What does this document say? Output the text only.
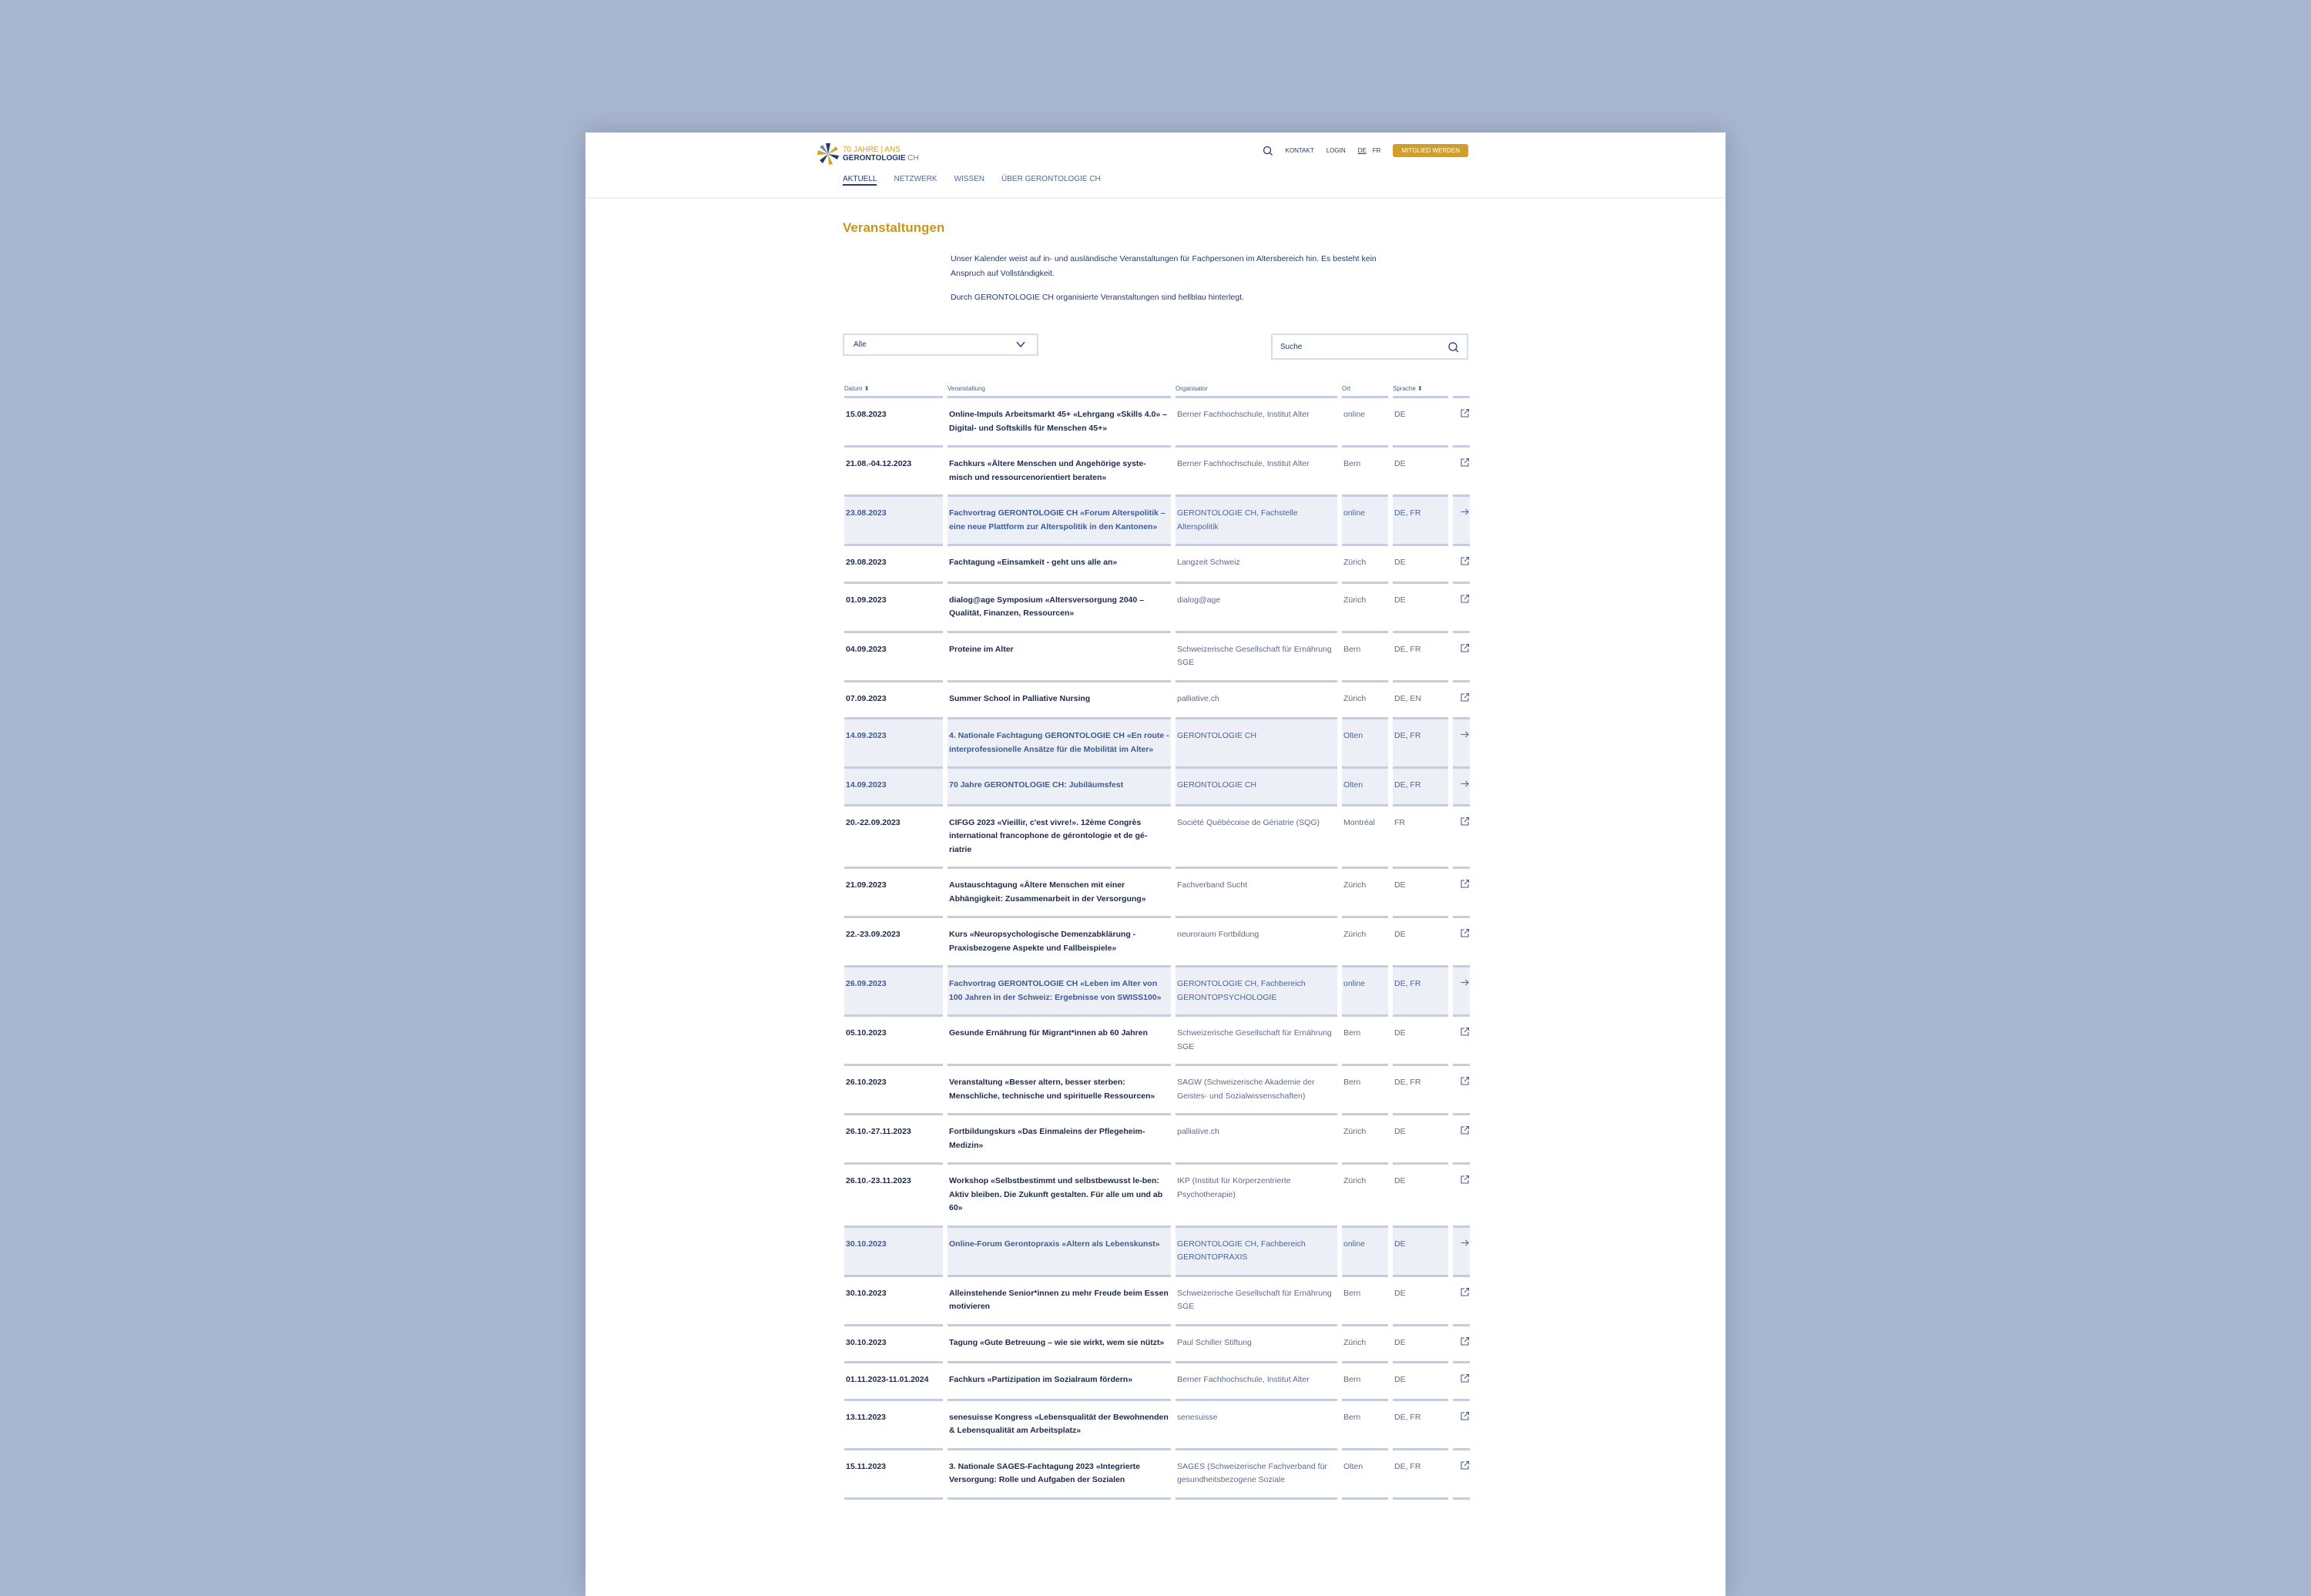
70 JAHRE | ANS
GERONTOLOGIE CH
KONTAKT LOGIN DE FR	MITGLIED WERDEN
AKTUELL NETZWERK WISSEN ÜBER GERONTOLOGIE CH
Veranstaltungen

Unser Kalender weist auf in- und ausländische Veranstaltungen für Fachpersonen im Altersbereich hin. Es besteht kein Anspruch auf Vollständigkeit.

Durch GERONTOLOGIE CH organisierte Veranstaltungen sind hellblau hinterlegt.

Alle	Suche
Datum ⬍	Veranstaltung	Organisator	Ort	Sprache ⬍	
15.08.2023	Online-Impuls Arbeitsmarkt 45+ «Lehrgang «Skills 4.0» – Digital- und Softskills für Menschen 45+»	Berner Fachhochschule, Institut Alter	online	DE	
21.08.-04.12.2023	Fachkurs «Ältere Menschen und Angehörige syste-misch und ressourcenorientiert beraten»	Berner Fachhochschule, Institut Alter	Bern	DE	
23.08.2023	Fachvortrag GERONTOLOGIE CH «Forum Alterspolitik – eine neue Plattform zur Alterspolitik in den Kantonen»	GERONTOLOGIE CH, Fachstelle Alterspolitik	online	DE, FR	
29.08.2023	Fachtagung «Einsamkeit - geht uns alle an»	Langzeit Schweiz	Zürich	DE	
01.09.2023	dialog@age Symposium «Altersversorgung 2040 – Qualität, Finanzen, Ressourcen»	dialog@age	Zürich	DE	
04.09.2023	Proteine im Alter	Schweizerische Gesellschaft für Ernährung SGE	Bern	DE, FR	
07.09.2023	Summer School in Palliative Nursing	palliative.ch	Zürich	DE, EN	
14.09.2023	4. Nationale Fachtagung GERONTOLOGIE CH «En route - interprofessionelle Ansätze für die Mobilität im Alter»	GERONTOLOGIE CH	Olten	DE, FR	
14.09.2023	70 Jahre GERONTOLOGIE CH: Jubiläumsfest	GERONTOLOGIE CH	Olten	DE, FR	
20.-22.09.2023	CIFGG 2023 «Vieillir, c'est vivre!». 12ème Congrès international francophone de gérontologie et de gé-riatrie	Société Québécoise de Gériatrie (SQG)	Montréal	FR	
21.09.2023	Austauschtagung «Ältere Menschen mit einer Abhängigkeit: Zusammenarbeit in der Versorgung»	Fachverband Sucht	Zürich	DE	
22.-23.09.2023	Kurs «Neuropsychologische Demenzabklärung - Praxisbezogene Aspekte und Fallbeispiele»	neuroraum Fortbildung	Zürich	DE	
26.09.2023	Fachvortrag GERONTOLOGIE CH «Leben im Alter von 100 Jahren in der Schweiz: Ergebnisse von SWISS100»	GERONTOLOGIE CH, Fachbereich GERONTOPSYCHOLOGIE	online	DE, FR	
05.10.2023	Gesunde Ernährung für Migrant*innen ab 60 Jahren	Schweizerische Gesellschaft für Ernährung SGE	Bern	DE	
26.10.2023	Veranstaltung «Besser altern, besser sterben: Menschliche, technische und spirituelle Ressourcen»	SAGW (Schweizerische Akademie der Geistes- und Sozialwissenschaften)	Bern	DE, FR	
26.10.-27.11.2023	Fortbildungskurs «Das Einmaleins der Pflegeheim-Medizin»	palliative.ch	Zürich	DE	
26.10.-23.11.2023	Workshop «Selbstbestimmt und selbstbewusst le-ben: Aktiv bleiben. Die Zukunft gestalten. Für alle um und ab 60»	IKP (Institut für Körperzentrierte Psychotherapie)	Zürich	DE	
30.10.2023	Online-Forum Gerontopraxis «Altern als Lebenskunst»	GERONTOLOGIE CH, Fachbereich GERONTOPRAXIS	online	DE	
30.10.2023	Alleinstehende Senior*innen zu mehr Freude beim Essen motivieren	Schweizerische Gesellschaft für Ernährung SGE	Bern	DE	
30.10.2023	Tagung «Gute Betreuung – wie sie wirkt, wem sie nützt»	Paul Schiller Stiftung	Zürich	DE	
01.11.2023-11.01.2024	Fachkurs «Partizipation im Sozialraum fördern»	Berner Fachhochschule, Institut Alter	Bern	DE	
13.11.2023	senesuisse Kongress «Lebensqualität der Bewohnenden & Lebensqualität am Arbeitsplatz»	senesuisse	Bern	DE, FR	
15.11.2023	3. Nationale SAGES-Fachtagung 2023 «Integrierte Versorgung: Rolle und Aufgaben der Sozialen	SAGES (Schweizerische Fachverband für gesundheitsbezogene Soziale	Olten	DE, FR	
